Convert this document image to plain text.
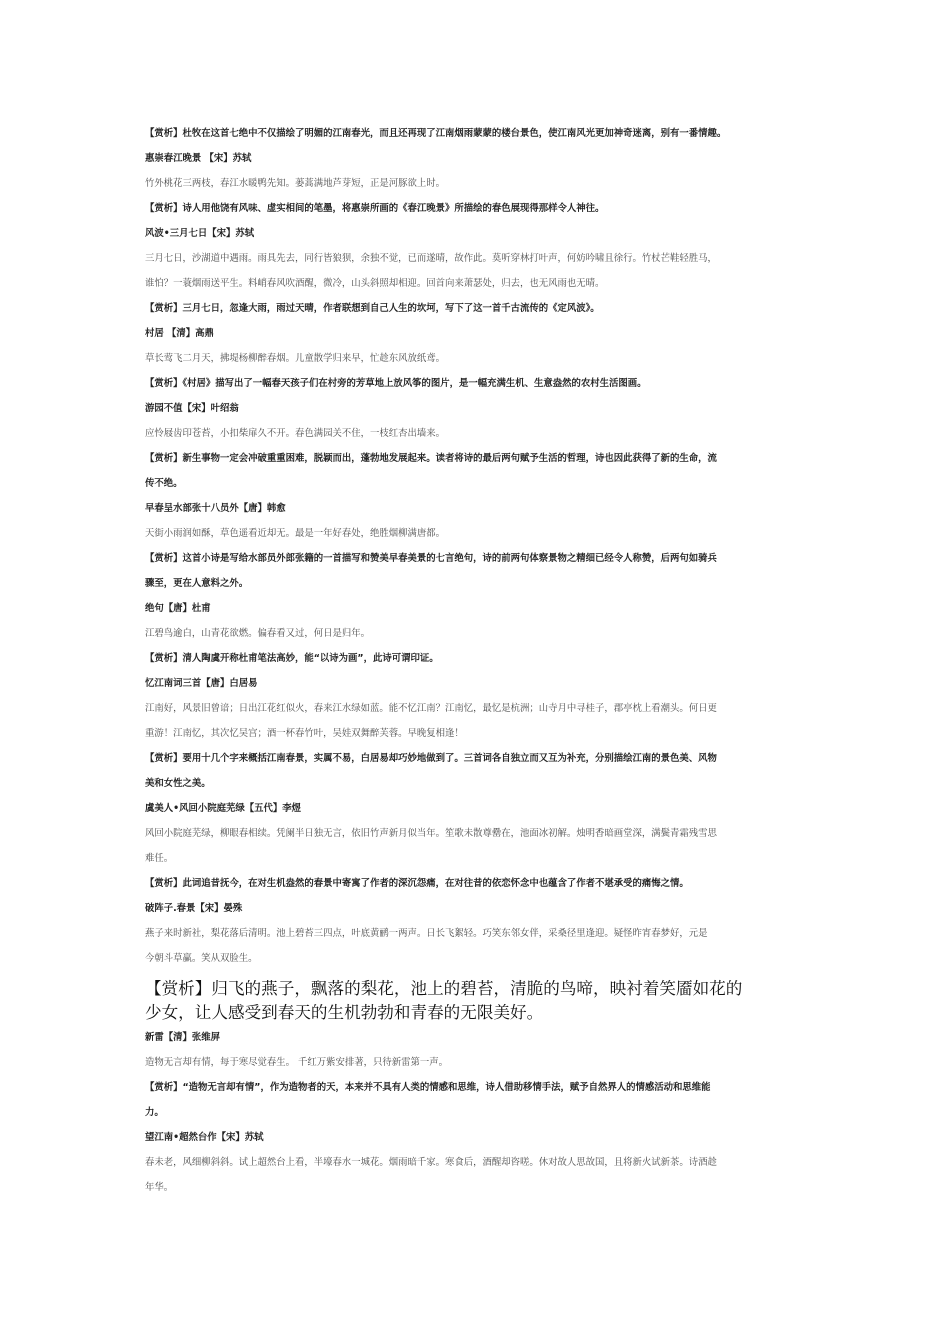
【赏析】杜牧在这首七绝中不仅描绘了明媚的江南春光，而且还再现了江南烟雨蒙蒙的楼台景色，使江南风光更加神奇迷离，别有一番情趣。
惠崇春江晚景 【宋】苏轼
竹外桃花三两枝，春江水暖鸭先知。蒌蒿满地芦芽短，正是河豚欲上时。
【赏析】诗人用他饶有风味、虚实相间的笔墨，将惠崇所画的《春江晚景》所描绘的春色展现得那样令人神往。
风波•三月七日【宋】苏轼
三月七日，沙湖道中遇雨。雨具先去，同行皆狼狈，余独不觉，已而遂晴，故作此。莫听穿林打叶声，何妨吟啸且徐行。竹杖芒鞋轻胜马，
谁怕？一蓑烟雨送平生。料峭春风吹酒醒，微冷，山头斜照却相迎。回首向来萧瑟处，归去，也无风雨也无晴。
【赏析】三月七日，忽逢大雨，雨过天晴，作者联想到自己人生的坎坷，写下了这一首千古流传的《定风波》。
村居 【清】高鼎
草长莺飞二月天，拂堤杨柳醉春烟。儿童散学归来早，忙趁东风放纸鸢。
【赏析】《村居》描写出了一幅春天孩子们在村旁的芳草地上放风筝的图片，是一幅充满生机、生意盎然的农村生活图画。
游园不值【宋】叶绍翁
应怜屐齿印苍苔，小扣柴扉久不开。春色满园关不住，一枝红杏出墙来。
【赏析】新生事物一定会冲破重重困难，脱颖而出，蓬勃地发展起来。读者将诗的最后两句赋予生活的哲理，诗也因此获得了新的生命，流
传不绝。
早春呈水部张十八员外【唐】韩愈
天街小雨润如酥，草色遥看近却无。最是一年好春处，绝胜烟柳满唐都。
【赏析】这首小诗是写给水部员外郎张籍的一首描写和赞美早春美景的七言绝句，诗的前两句体察景物之精细已经令人称赞，后两句如骑兵
骤至，更在人意料之外。
绝句【唐】杜甫
江碧鸟逾白，山青花欲燃。偏春看又过，何日是归年。
【赏析】清人陶虞开称杜甫笔法高妙，能“以诗为画”，此诗可谓印证。
忆江南词三首【唐】白居易
江南好，风景旧曾谙；日出江花红似火，春来江水绿如蓝。能不忆江南？江南忆，最忆是杭洲；山寺月中寻桂子，郡亭枕上看潮头。何日更
重游！江南忆，其次忆吴宫；酒一杯春竹叶，吴娃双舞醉芙蓉。早晚复相逢！
【赏析】要用十几个字来概括江南春景，实属不易，白居易却巧妙地做到了。三首词各自独立而又互为补充，分别描绘江南的景色美、风物
美和女性之美。
虞美人•风回小院庭芜绿【五代】李煜
风回小院庭芜绿，柳眼春相续。凭阑半日独无言，依旧竹声新月似当年。笙歌未散尊罍在，池面冰初解。烛明香暗画堂深，满鬓青霜残雪思
难任。
【赏析】此词追昔抚今，在对生机盎然的春景中寄寓了作者的深沉怨痛，在对往昔的依恋怀念中也蕴含了作者不堪承受的痛悔之情。
破阵子.春景【宋】晏殊
燕子来时新社，梨花落后清明。池上碧苔三四点，叶底黄鹂一两声。日长飞絮轻。巧笑东邻女伴，采桑径里逢迎。疑怪昨宵春梦好，元是
今朝斗草赢。笑从双脸生。
【赏析】归飞的燕子，飘落的梨花，池上的碧苔，清脆的鸟啼，映衬着笑靥如花的
少女，让人感受到春天的生机勃勃和青春的无限美好。
新雷【清】张维屏
造物无言却有情，每于寒尽觉春生。 千红万紫安排著，只待新雷第一声。
【赏析】“造物无言却有情”，作为造物者的天，本来并不具有人类的情感和思维，诗人借助移情手法，赋予自然界人的情感活动和思维能
力。
望江南•超然台作【宋】苏轼
春未老，风细柳斜斜。试上超然台上看，半壕春水一城花。烟雨暗千家。寒食后，酒醒却咨嗟。休对故人思故国，且将新火试新茶。诗酒趁
年华。
